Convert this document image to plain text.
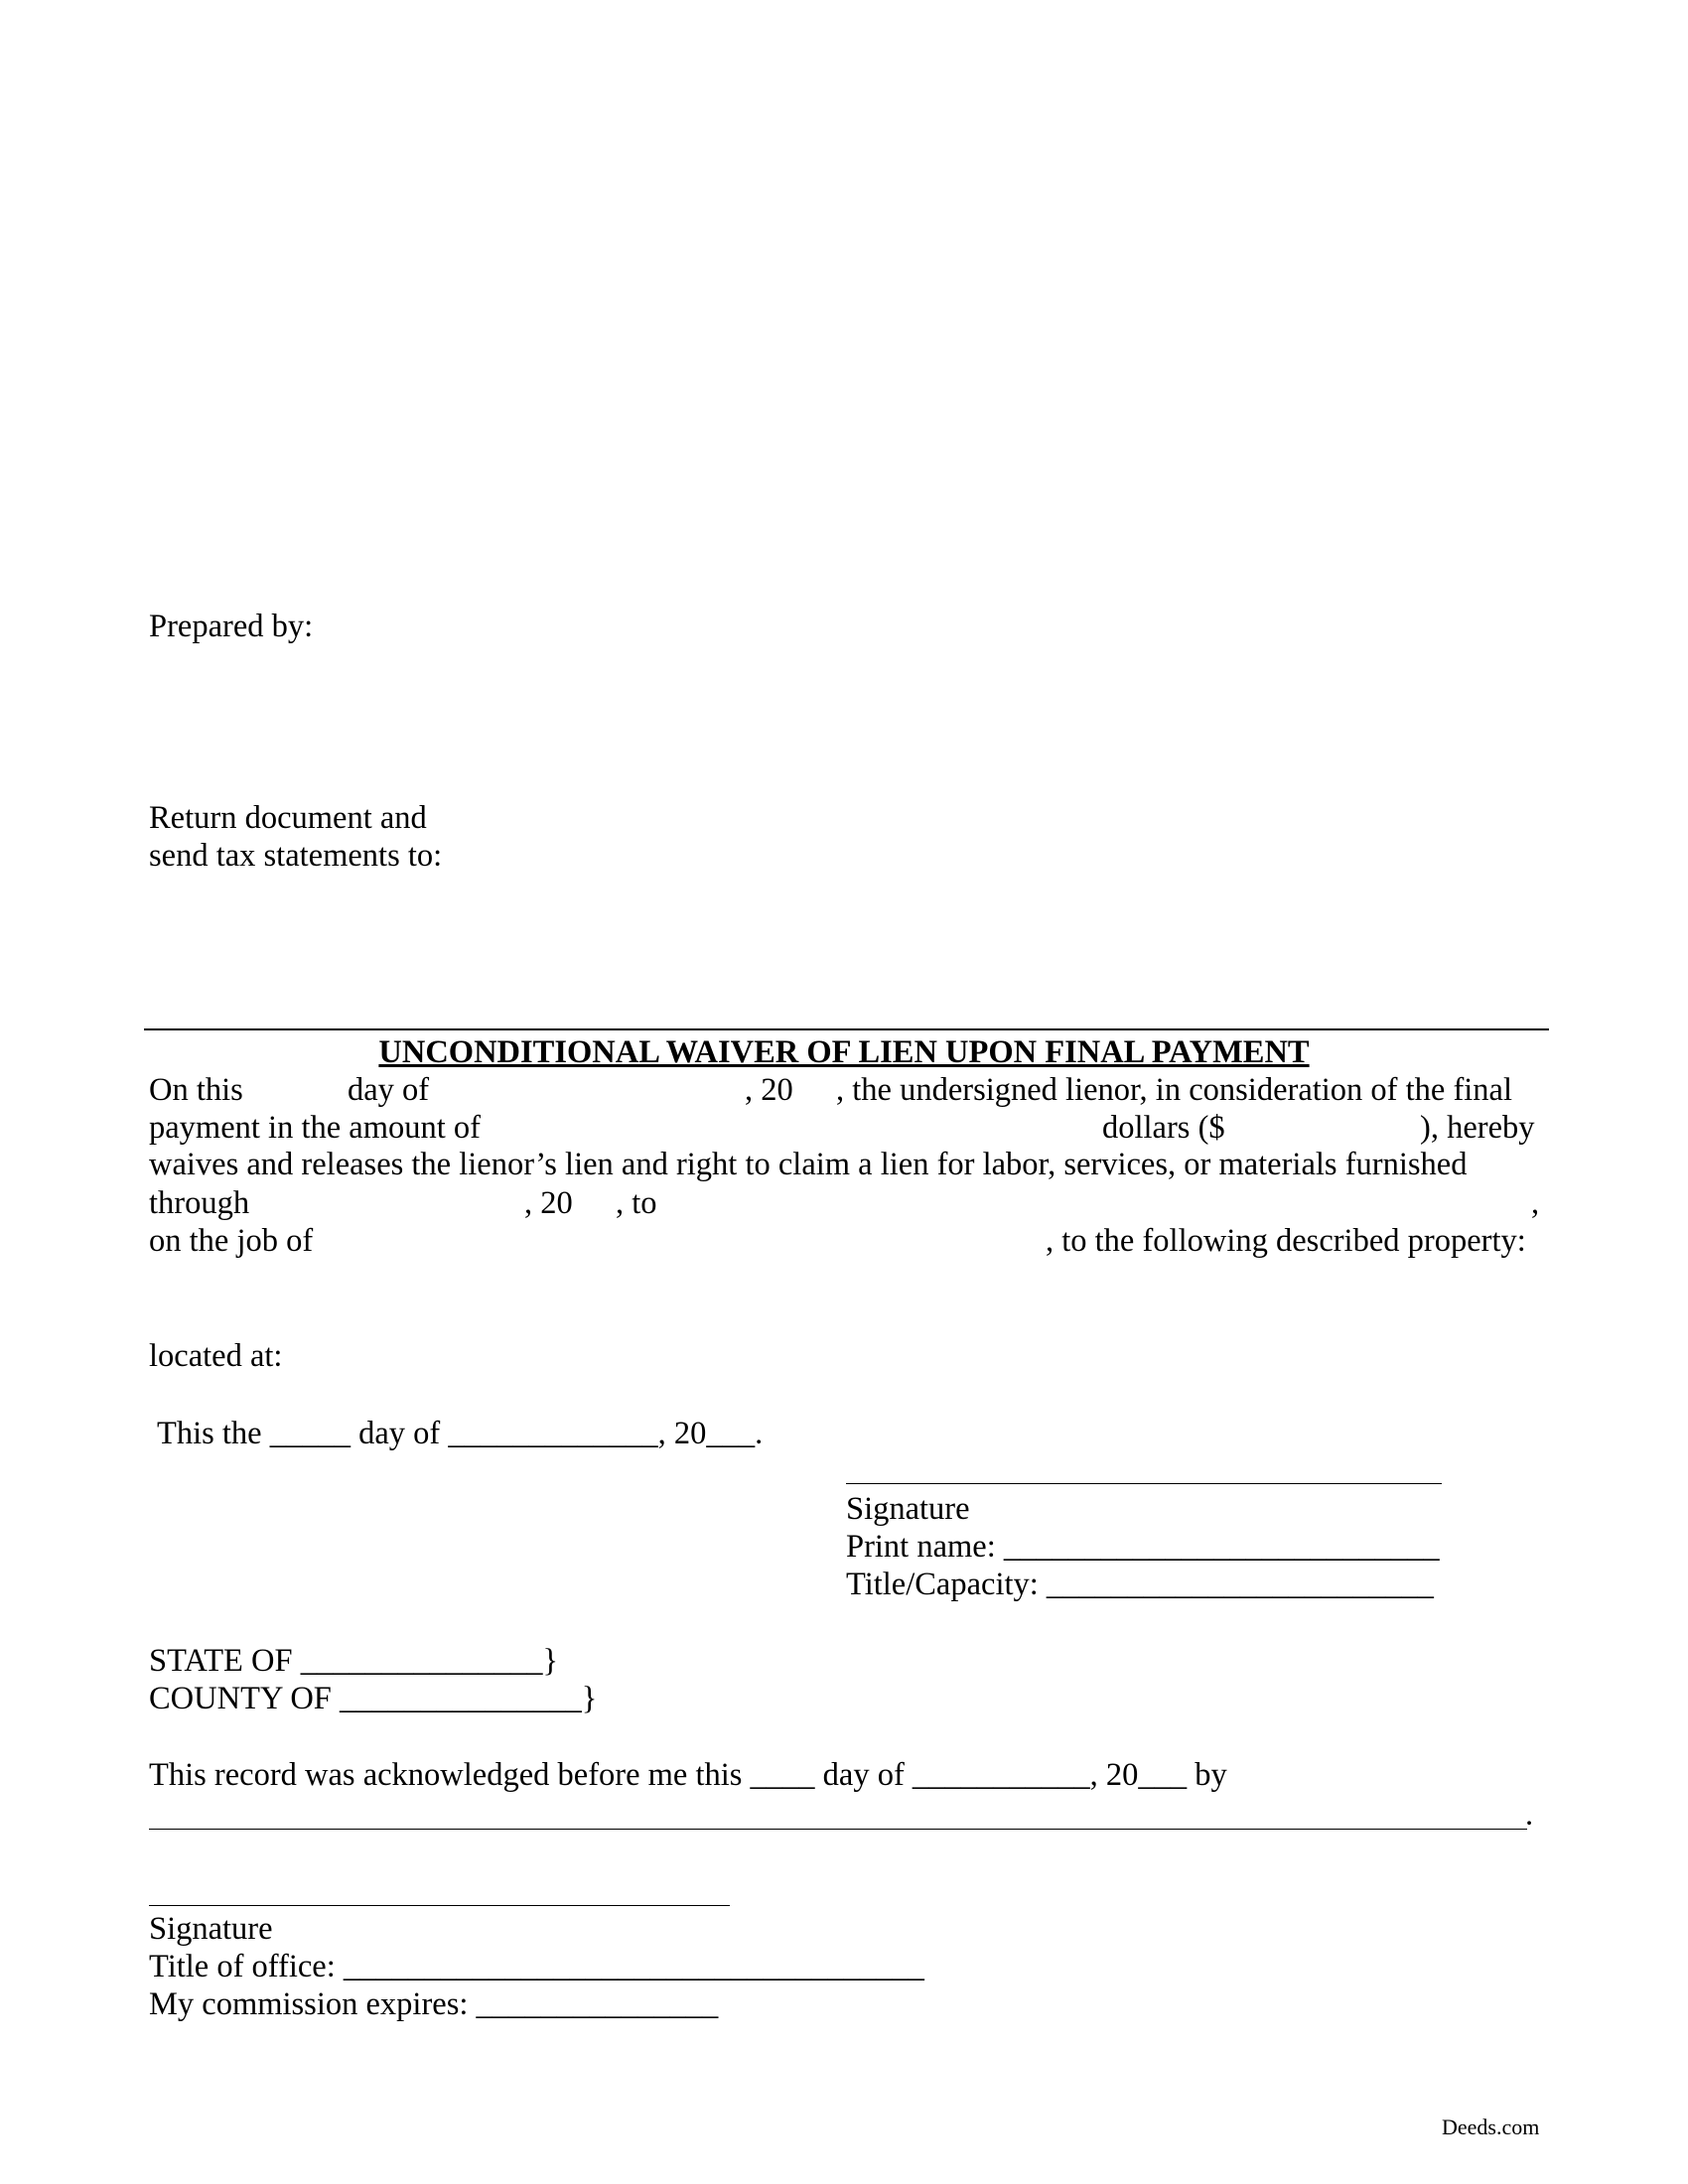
Prepared by:
Return document and
send tax statements to:
UNCONDITIONAL WAIVER OF LIEN UPON FINAL PAYMENT
On this	day of	, 20 , the undersigned lienor, in consideration of the final
payment in the amount of	dollars ($	), hereby
waives and releases the lienor’s lien and right to claim a lien for labor, services, or materials furnished
through	, 20 , to	,
on the job of	, to the following described property:
located at:
This the _____ day of _____________, 20___.
Signature
Print name: ___________________________
Title/Capacity: ________________________
STATE OF _______________}
COUNTY OF _______________}
This record was acknowledged before me this ____ day of ___________, 20___ by
.
Signature
Title of office: ____________________________________
My commission expires: _______________
Deeds.com
